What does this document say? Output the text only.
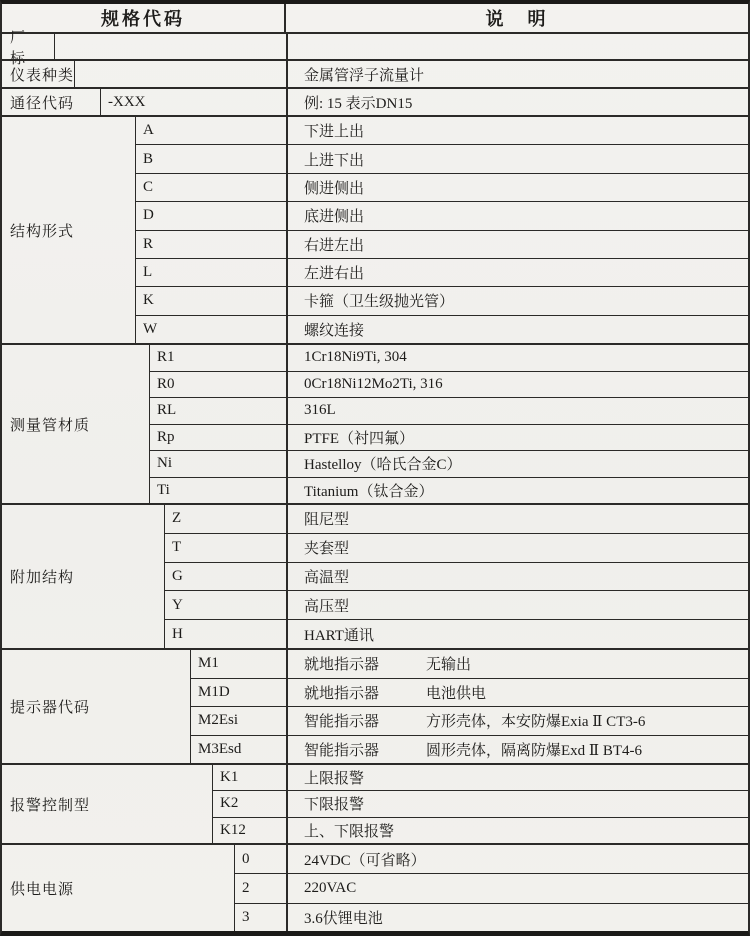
规格代码	说　明
厂　标
仪表种类	金属管浮子流量计
通径代码	-XXX	例: 15 表示DN15
结构形式
A	下进上出
B	上进下出
C	侧进侧出
D	底进侧出
R	右进左出
L	左进右出
K	卡箍（卫生级抛光管）
W	螺纹连接
测量管材质
R1	1Cr18Ni9Ti, 304
R0	0Cr18Ni12Mo2Ti, 316
RL	316L
Rp	PTFE（衬四氟）
Ni	Hastelloy（哈氏合金C）
Ti	Titanium（钛合金）
附加结构
Z	阻尼型
T	夹套型
G	高温型
Y	高压型
H	HART通讯
提示器代码
M1	就地指示器	无输出
M1D	就地指示器	电池供电
M2Esi	智能指示器	方形壳体，本安防爆Exia Ⅱ CT3-6
M3Esd	智能指示器	圆形壳体，隔离防爆Exd Ⅱ BT4-6
报警控制型
K1	上限报警
K2	下限报警
K12	上、下限报警
供电电源
0	24VDC（可省略）
2	220VAC
3	3.6伏锂电池
